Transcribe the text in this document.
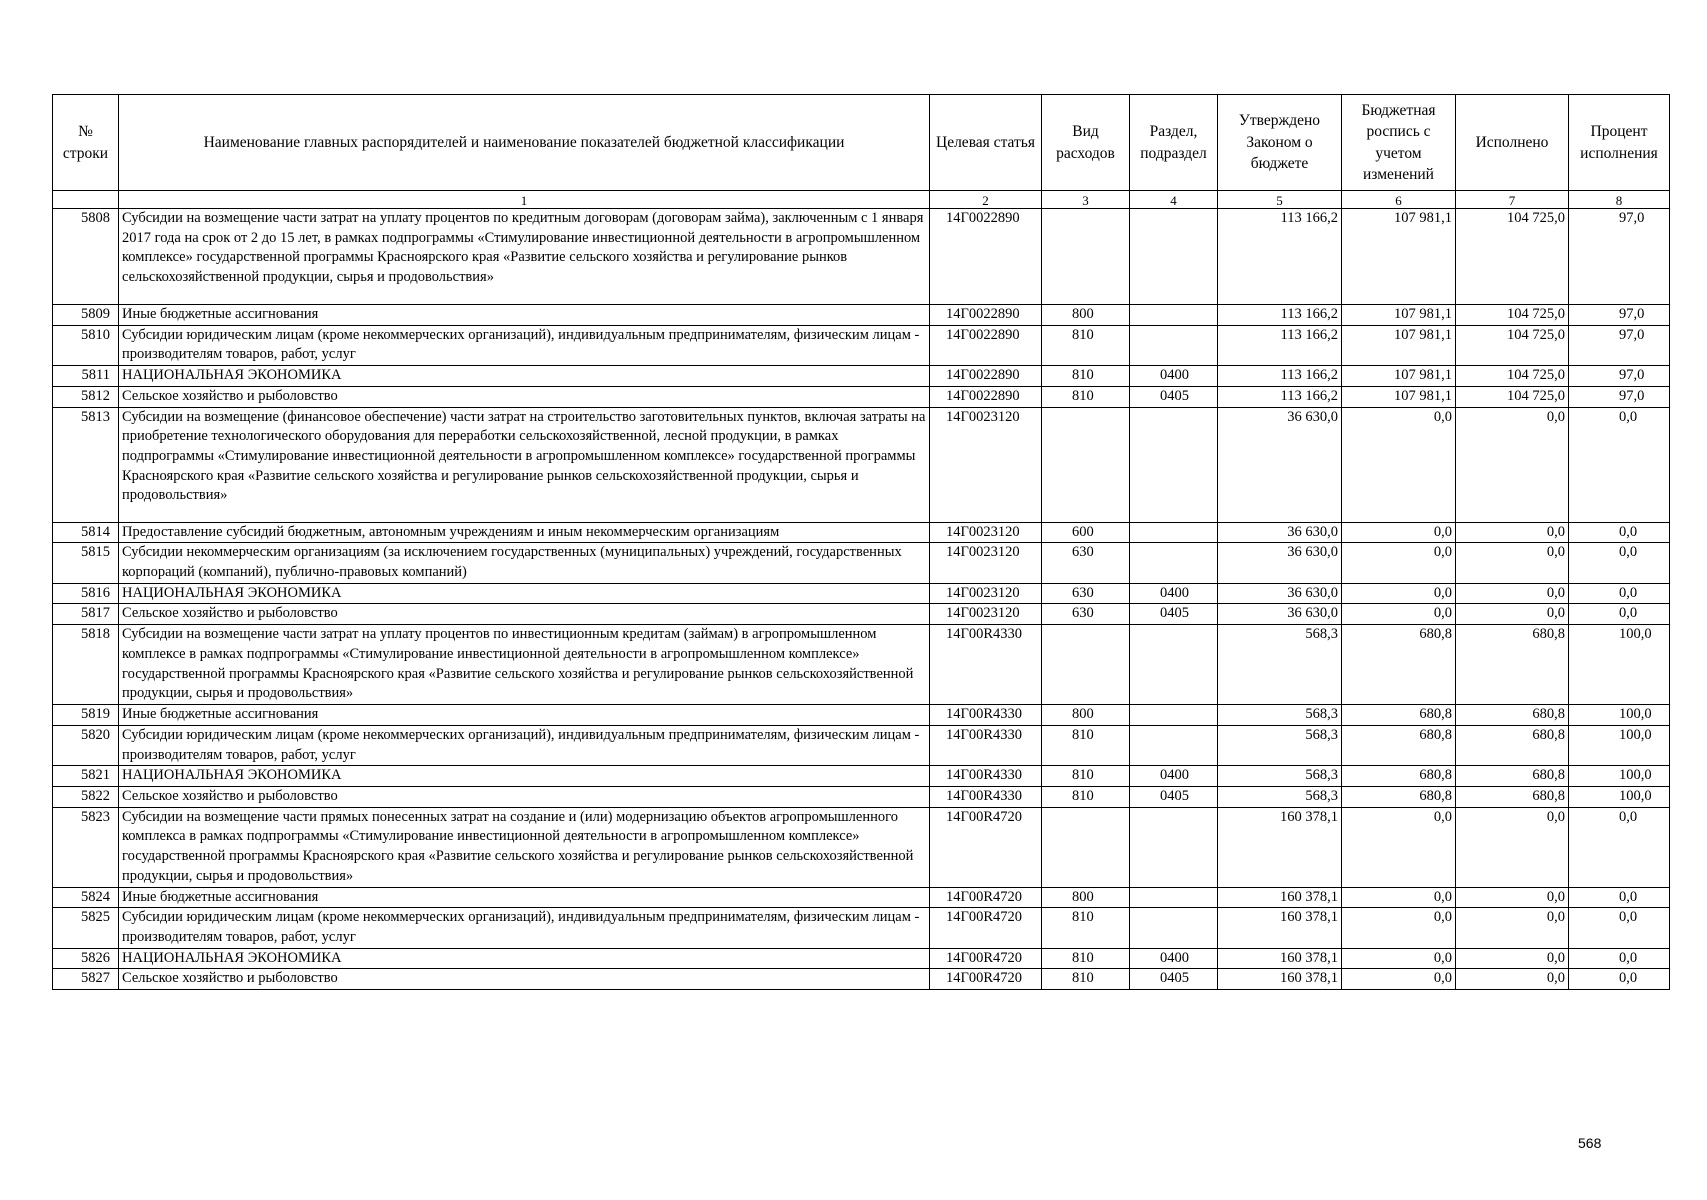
№ строки	Наименование главных распорядителей и наименование показателей бюджетной классификации	Целевая статья	Вид расходов	Раздел, подраздел	Утверждено Законом о бюджете	Бюджетная роспись с учетом изменений	Исполнено	Процент исполнения
	1	2	3	4	5	6	7	8
5808	Субсидии на возмещение части затрат на уплату процентов по кредитным договорам (договорам займа), заключенным с 1 января 2017 года на срок от 2 до 15 лет, в рамках подпрограммы «Стимулирование инвестиционной деятельности в агропромышленном комплексе» государственной программы Красноярского края «Развитие сельского хозяйства и регулирование рынков сельскохозяйственной продукции, сырья и продовольствия»	14Г0022890			113 166,2	107 981,1	104 725,0	97,0
5809	Иные бюджетные ассигнования	14Г0022890	800		113 166,2	107 981,1	104 725,0	97,0
5810	Субсидии юридическим лицам (кроме некоммерческих организаций), индивидуальным предпринимателям, физическим лицам - производителям товаров, работ, услуг	14Г0022890	810		113 166,2	107 981,1	104 725,0	97,0
5811	НАЦИОНАЛЬНАЯ ЭКОНОМИКА	14Г0022890	810	0400	113 166,2	107 981,1	104 725,0	97,0
5812	Сельское хозяйство и рыболовство	14Г0022890	810	0405	113 166,2	107 981,1	104 725,0	97,0
5813	Субсидии на возмещение (финансовое обеспечение) части затрат на строительство заготовительных пунктов, включая затраты на приобретение технологического оборудования для переработки сельскохозяйственной, лесной продукции, в рамках подпрограммы «Стимулирование инвестиционной деятельности в агропромышленном комплексе» государственной программы Красноярского края «Развитие сельского хозяйства и регулирование рынков сельскохозяйственной продукции, сырья и продовольствия»	14Г0023120			36 630,0	0,0	0,0	0,0
5814	Предоставление субсидий бюджетным, автономным учреждениям и иным некоммерческим организациям	14Г0023120	600		36 630,0	0,0	0,0	0,0
5815	Субсидии некоммерческим организациям (за исключением государственных (муниципальных) учреждений, государственных корпораций (компаний), публично-правовых компаний)	14Г0023120	630		36 630,0	0,0	0,0	0,0
5816	НАЦИОНАЛЬНАЯ ЭКОНОМИКА	14Г0023120	630	0400	36 630,0	0,0	0,0	0,0
5817	Сельское хозяйство и рыболовство	14Г0023120	630	0405	36 630,0	0,0	0,0	0,0
5818	Субсидии на возмещение части затрат на уплату процентов по инвестиционным кредитам (займам) в агропромышленном комплексе в рамках подпрограммы «Стимулирование инвестиционной деятельности в агропромышленном комплексе» государственной программы Красноярского края «Развитие сельского хозяйства и регулирование рынков сельскохозяйственной продукции, сырья и продовольствия»	14Г00R4330			568,3	680,8	680,8	100,0
5819	Иные бюджетные ассигнования	14Г00R4330	800		568,3	680,8	680,8	100,0
5820	Субсидии юридическим лицам (кроме некоммерческих организаций), индивидуальным предпринимателям, физическим лицам - производителям товаров, работ, услуг	14Г00R4330	810		568,3	680,8	680,8	100,0
5821	НАЦИОНАЛЬНАЯ ЭКОНОМИКА	14Г00R4330	810	0400	568,3	680,8	680,8	100,0
5822	Сельское хозяйство и рыболовство	14Г00R4330	810	0405	568,3	680,8	680,8	100,0
5823	Субсидии на возмещение части прямых понесенных затрат на создание и (или) модернизацию объектов агропромышленного комплекса в рамках подпрограммы «Стимулирование инвестиционной деятельности в агропромышленном комплексе» государственной программы Красноярского края «Развитие сельского хозяйства и регулирование рынков сельскохозяйственной продукции, сырья и продовольствия»	14Г00R4720			160 378,1	0,0	0,0	0,0
5824	Иные бюджетные ассигнования	14Г00R4720	800		160 378,1	0,0	0,0	0,0
5825	Субсидии юридическим лицам (кроме некоммерческих организаций), индивидуальным предпринимателям, физическим лицам - производителям товаров, работ, услуг	14Г00R4720	810		160 378,1	0,0	0,0	0,0
5826	НАЦИОНАЛЬНАЯ ЭКОНОМИКА	14Г00R4720	810	0400	160 378,1	0,0	0,0	0,0
5827	Сельское хозяйство и рыболовство	14Г00R4720	810	0405	160 378,1	0,0	0,0	0,0
568
